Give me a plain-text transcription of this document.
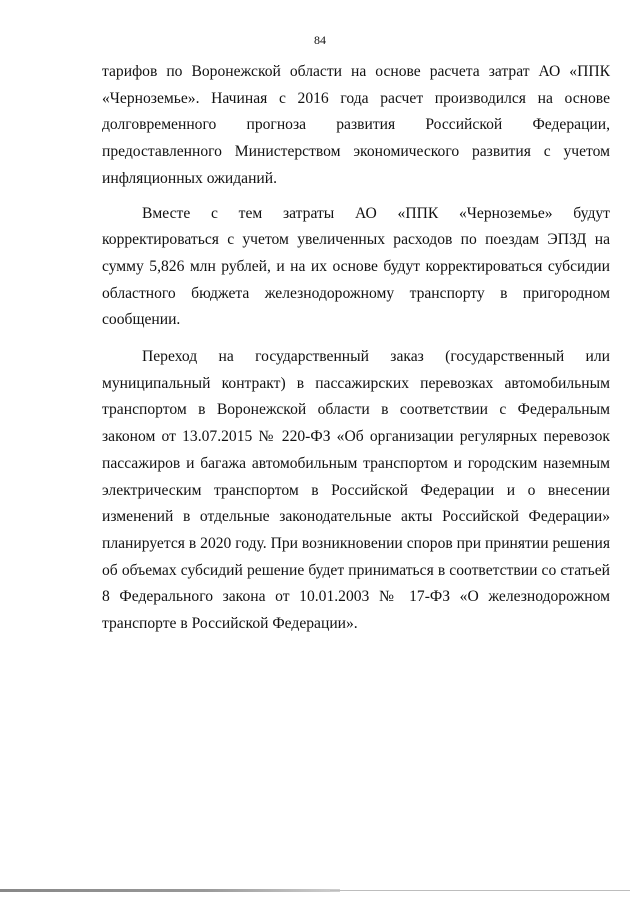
84

тарифов по Воронежской области на основе расчета затрат АО «ППК «Черноземье». Начиная с 2016 года расчет производился на основе долговременного прогноза развития Российской Федерации, предоставленного Министерством экономического развития с учетом инфляционных ожиданий.

Вместе с тем затраты АО «ППК «Черноземье» будут корректироваться с учетом увеличенных расходов по поездам ЭПЗД на сумму 5,826 млн рублей, и на их основе будут корректироваться субсидии областного бюджета железнодорожному транспорту в пригородном сообщении.

Переход на государственный заказ (государственный или муниципальный контракт) в пассажирских перевозках автомобильным транспортом в Воронежской области в соответствии с Федеральным законом от 13.07.2015 № 220-ФЗ «Об организации регулярных перевозок пассажиров и багажа автомобильным транспортом и городским наземным электрическим транспортом в Российской Федерации и о внесении изменений в отдельные законодательные акты Российской Федерации» планируется в 2020 году. При возникновении споров при принятии решения об объемах субсидий решение будет приниматься в соответствии со статьей 8 Федерального закона от 10.01.2003 № 17-ФЗ «О железнодорожном транспорте в Российской Федерации».
